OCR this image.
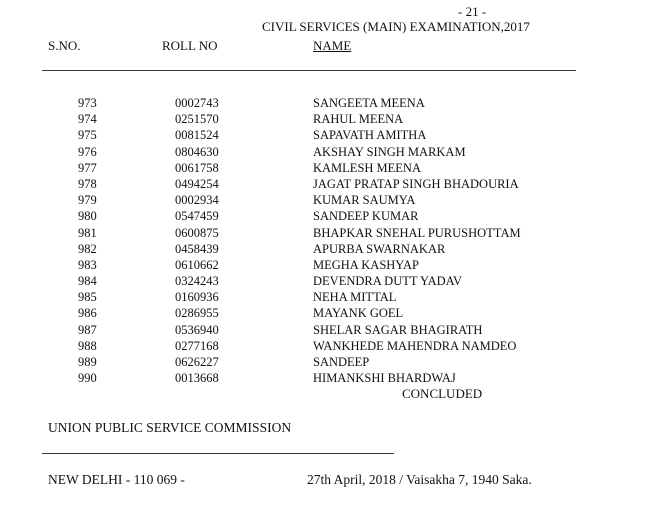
- 21 -
CIVIL SERVICES (MAIN) EXAMINATION,2017
S.NO.	ROLL NO	NAME
973	0002743	SANGEETA MEENA
974	0251570	RAHUL MEENA
975	0081524	SAPAVATH AMITHA
976	0804630	AKSHAY SINGH MARKAM
977	0061758	KAMLESH MEENA
978	0494254	JAGAT PRATAP SINGH BHADOURIA
979	0002934	KUMAR SAUMYA
980	0547459	SANDEEP KUMAR
981	0600875	BHAPKAR SNEHAL PURUSHOTTAM
982	0458439	APURBA SWARNAKAR
983	0610662	MEGHA KASHYAP
984	0324243	DEVENDRA DUTT YADAV
985	0160936	NEHA MITTAL
986	0286955	MAYANK GOEL
987	0536940	SHELAR SAGAR BHAGIRATH
988	0277168	WANKHEDE MAHENDRA NAMDEO
989	0626227	SANDEEP
990	0013668	HIMANKSHI BHARDWAJ
CONCLUDED
UNION PUBLIC SERVICE COMMISSION
NEW DELHI - 110 069 -	27th April, 2018 / Vaisakha 7, 1940 Saka.
